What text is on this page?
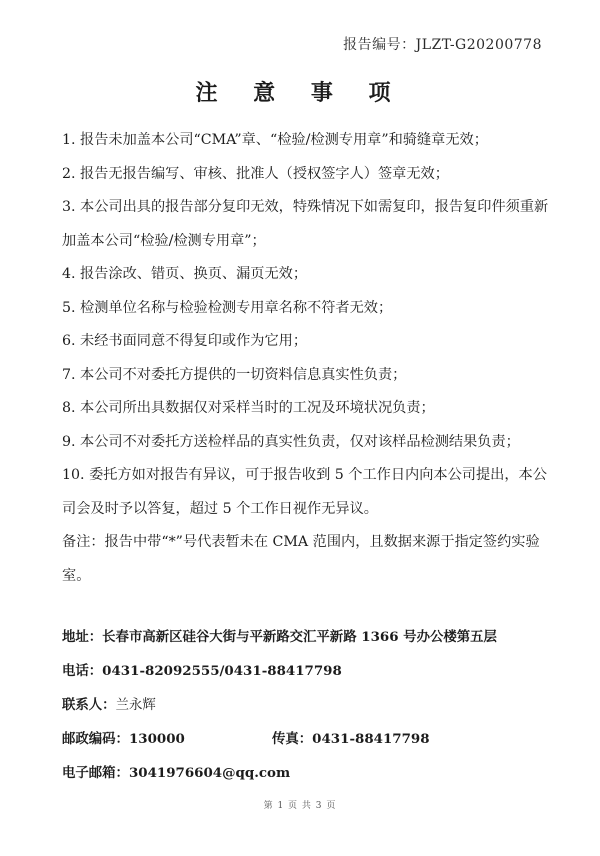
报告编号：JLZT-G20200778
注 意 事 项

1. 报告未加盖本公司“CMA”章、“检验/检测专用章”和骑缝章无效；

2. 报告无报告编写、审核、批准人（授权签字人）签章无效；

3. 本公司出具的报告部分复印无效，特殊情况下如需复印，报告复印件须重新加盖本公司“检验/检测专用章”；

4. 报告涂改、错页、换页、漏页无效；

5. 检测单位名称与检验检测专用章名称不符者无效；

6. 未经书面同意不得复印或作为它用；

7. 本公司不对委托方提供的一切资料信息真实性负责；

8. 本公司所出具数据仅对采样当时的工况及环境状况负责；

9. 本公司不对委托方送检样品的真实性负责，仅对该样品检测结果负责；

10. 委托方如对报告有异议，可于报告收到 5 个工作日内向本公司提出，本公司会及时予以答复，超过 5 个工作日视作无异议。

备注：报告中带“*”号代表暂未在 CMA 范围内，且数据来源于指定签约实验室。

地址：长春市高新区硅谷大街与平新路交汇平新路 1366 号办公楼第五层
电话：0431-82092555/0431-88417798
联系人：兰永辉
邮政编码：130000	传真：0431-88417798
电子邮箱：3041976604@qq.com
第 1 页 共 3 页
